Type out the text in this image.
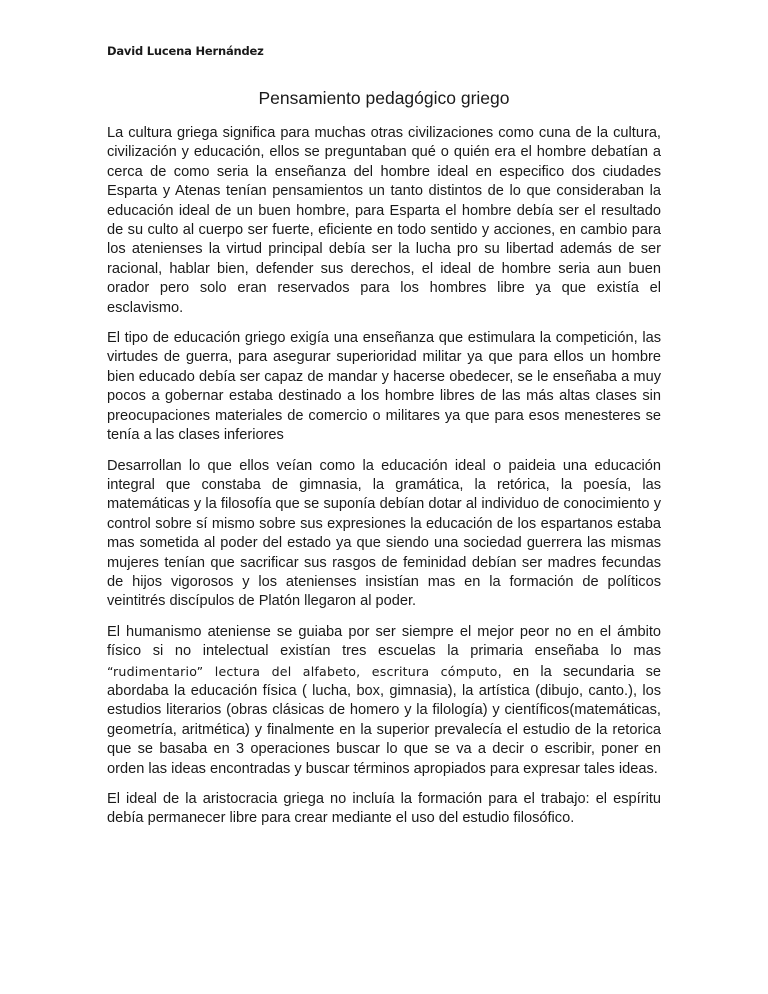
David Lucena Hernández
Pensamiento pedagógico griego

La cultura griega significa para muchas otras civilizaciones como cuna de la cultura, civilización y educación, ellos se preguntaban qué o quién era el hombre debatían a cerca de como seria la enseñanza del hombre ideal en especifico dos ciudades Esparta y Atenas tenían pensamientos un tanto distintos de lo que consideraban la educación ideal de un buen hombre, para Esparta el hombre debía ser el resultado de su culto al cuerpo ser fuerte, eficiente en todo sentido y acciones, en cambio para los atenienses la virtud principal debía ser la lucha pro su libertad además de ser racional, hablar bien, defender sus derechos, el ideal de hombre seria aun buen orador pero solo eran reservados para los hombres libre ya que existía el esclavismo.

El tipo de educación griego exigía una enseñanza que estimulara la competición, las virtudes de guerra, para asegurar superioridad militar ya que para ellos un hombre bien educado debía ser capaz de mandar y hacerse obedecer, se le enseñaba a muy pocos a gobernar estaba destinado a los hombre libres de las más altas clases sin preocupaciones materiales de comercio o militares ya que para esos menesteres se tenía a las clases inferiores

Desarrollan lo que ellos veían como la educación ideal o paideia una educación integral que constaba de gimnasia, la gramática, la retórica, la poesía, las matemáticas y la filosofía que se suponía debían dotar al individuo de conocimiento y control sobre sí mismo sobre sus expresiones la educación de los espartanos estaba mas sometida al poder del estado ya que siendo una sociedad guerrera las mismas mujeres tenían que sacrificar sus rasgos de feminidad debían ser madres fecundas de hijos vigorosos y los atenienses insistían mas en la formación de políticos veintitrés discípulos de Platón llegaron al poder.

El humanismo ateniense se guiaba por ser siempre el mejor peor no en el ámbito físico si no intelectual existían tres escuelas la primaria enseñaba lo mas “rudimentario” lectura del alfabeto, escritura cómputo, en la secundaria se abordaba la educación física ( lucha, box, gimnasia), la artística (dibujo, canto.), los estudios literarios (obras clásicas de homero y la filología) y científicos(matemáticas, geometría, aritmética) y finalmente en la superior prevalecía el estudio de la retorica que se basaba en 3 operaciones buscar lo que se va a decir o escribir, poner en orden las ideas encontradas y buscar términos apropiados para expresar tales ideas.

El ideal de la aristocracia griega no incluía la formación para el trabajo: el espíritu debía permanecer libre para crear mediante el uso del estudio filosófico.
